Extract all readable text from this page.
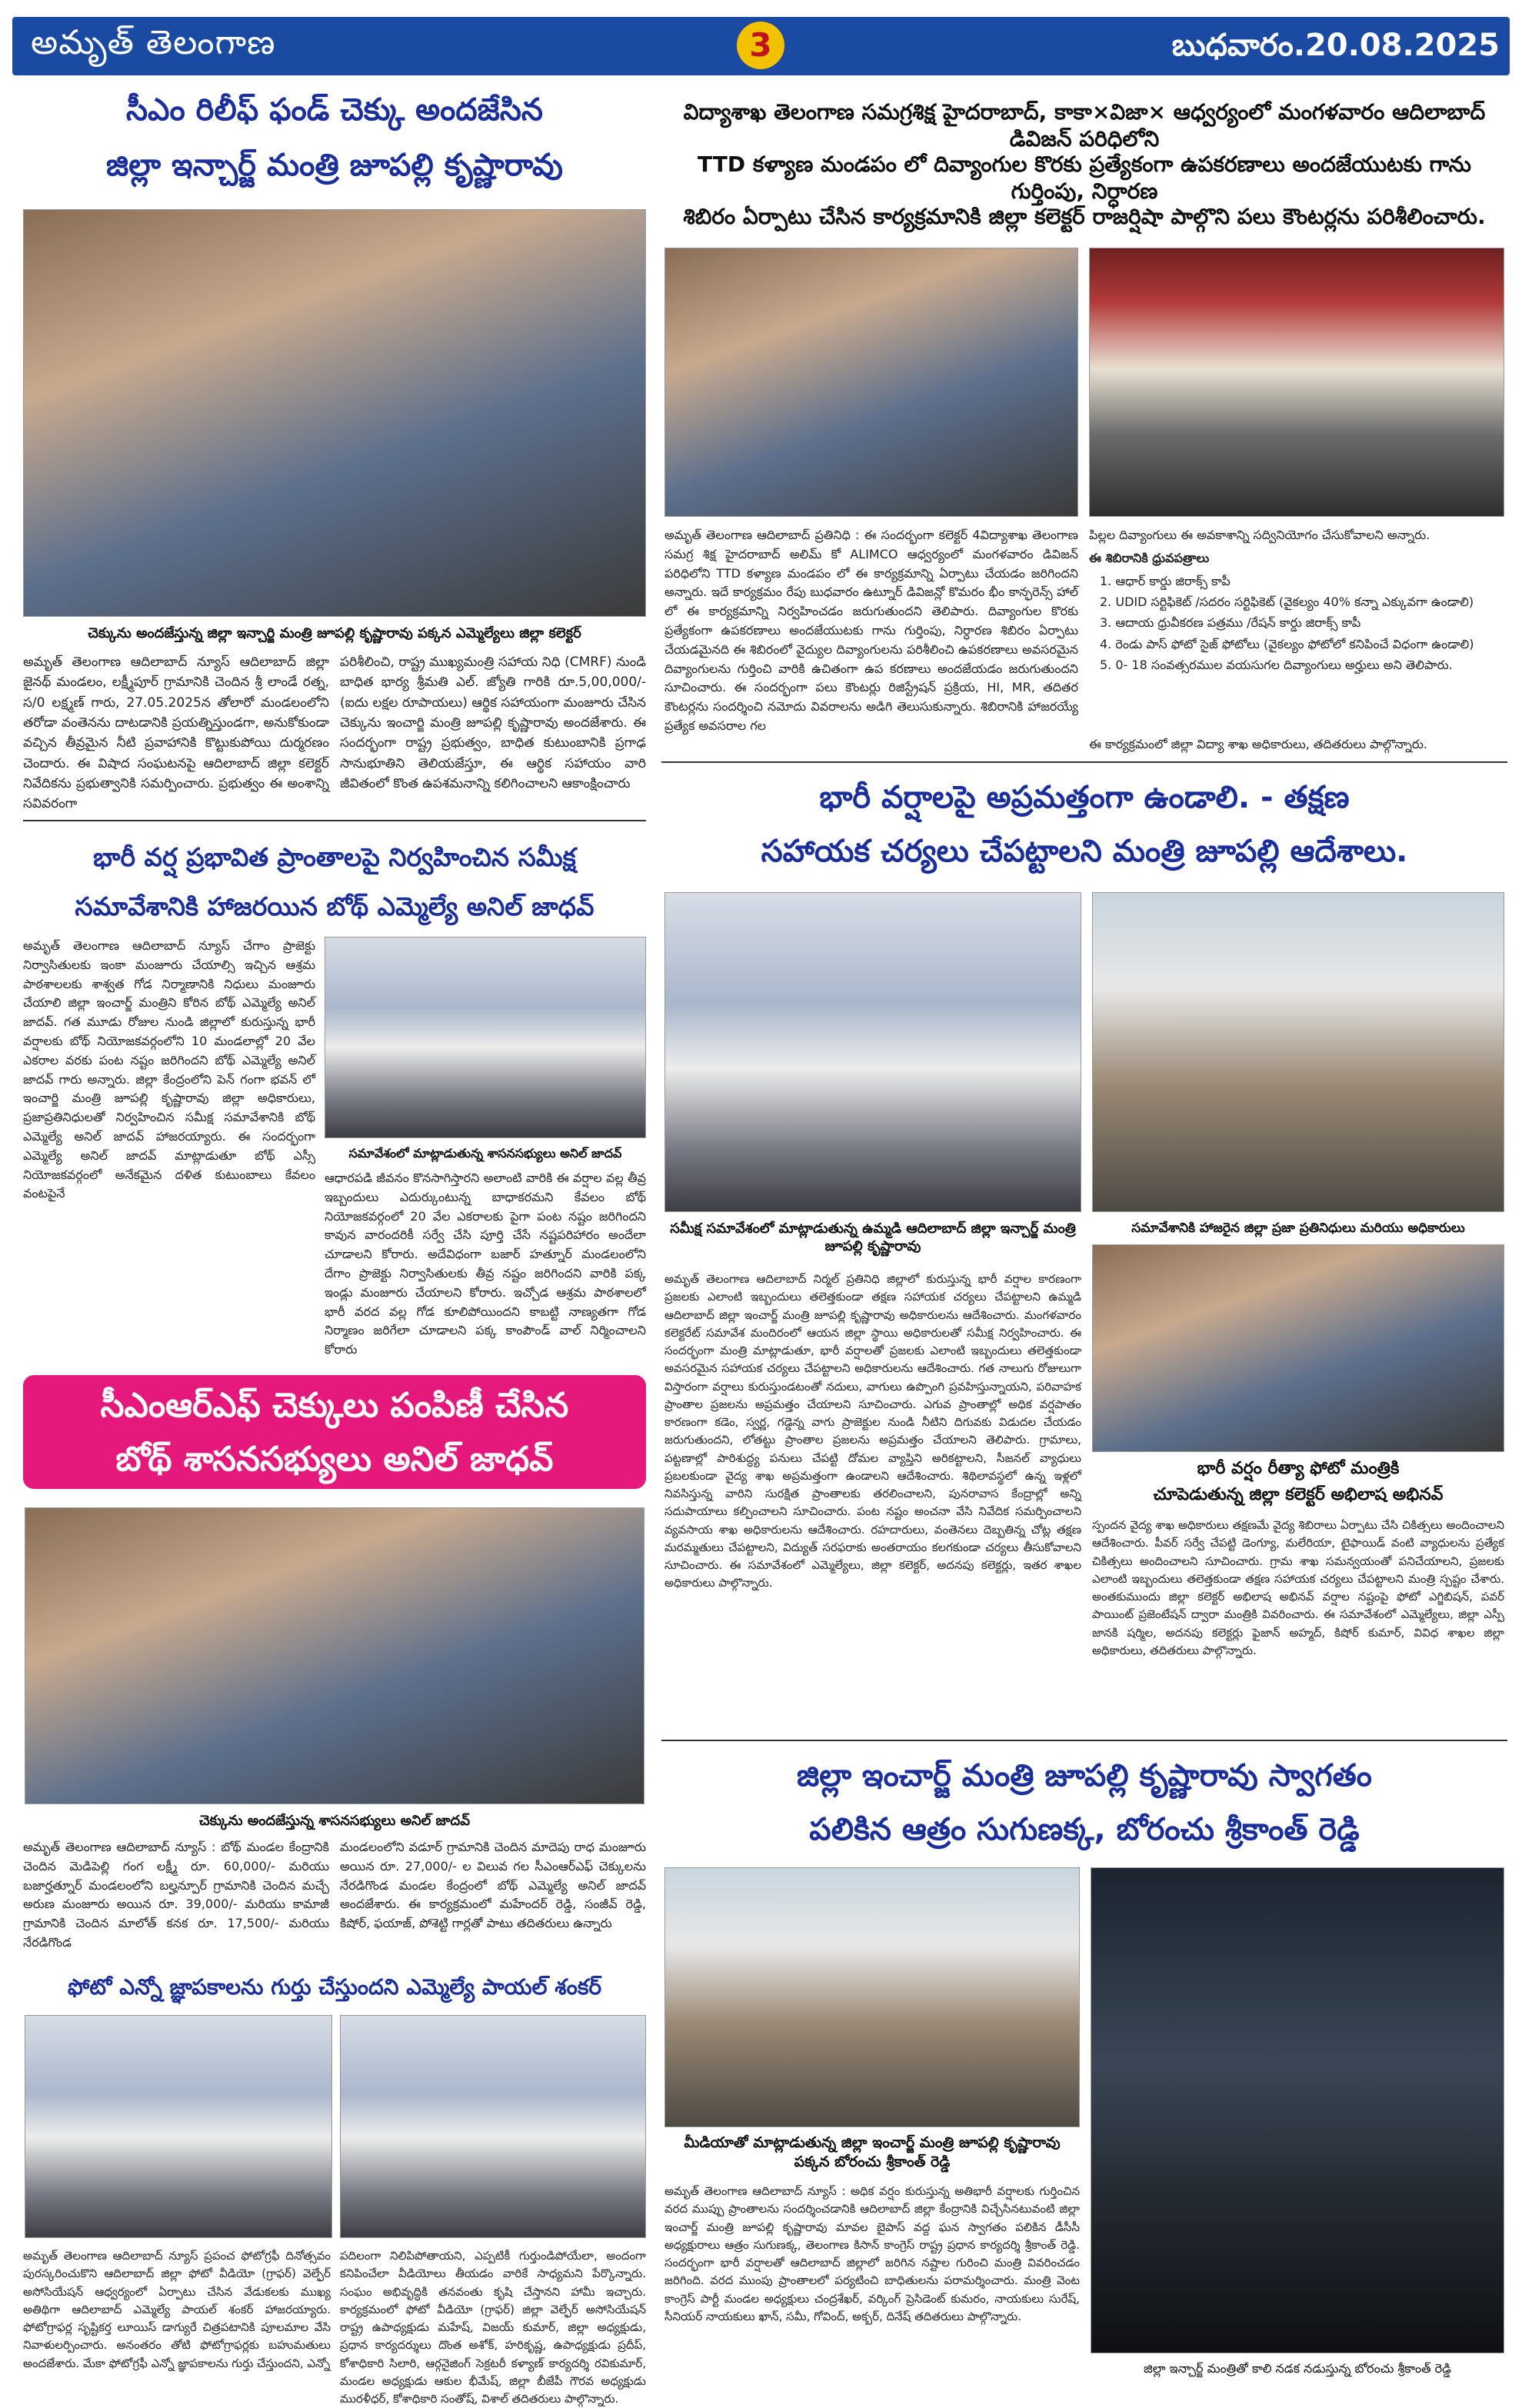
అమృత్ తెలంగాణ	3	బుధవారం.20.08.2025
సీఎం రిలీఫ్ ఫండ్ చెక్కు అందజేసిన
జిల్లా ఇన్చార్జ్ మంత్రి జూపల్లి కృష్ణారావు
చెక్కును అందజేస్తున్న జిల్లా ఇన్చార్జి మంత్రి జూపల్లి కృష్ణారావు పక్కన ఎమ్మెల్యేలు జిల్లా కలెక్టర్
అమృత్ తెలంగాణ ఆదిలాబాద్ న్యూస్ ఆదిలాబాద్ జిల్లా జైనథ్ మండలం, లక్ష్మీపూర్ గ్రామానికి చెందిన శ్రీ లాండే రత్న, స/0 లక్ష్మణ్ గారు, 27.05.2025న తోలారో మండలంలోని తరోడా వంతెనను దాటడానికి ప్రయత్నిస్తుండగా, అనుకోకుండా వచ్చిన తీవ్రమైన నీటి ప్రవాహానికి కొట్టుకుపోయి దుర్మరణం చెందారు. ఈ విషాద సంఘటనపై ఆదిలాబాద్ జిల్లా కలెక్టర్ నివేదికను ప్రభుత్వానికి సమర్పించారు. ప్రభుత్వం ఈ అంశాన్ని సవివరంగా
పరిశీలించి, రాష్ట్ర ముఖ్యమంత్రి సహాయ నిధి (CMRF) నుండి బాధిత భార్య శ్రీమతి ఎల్. జ్యోతి గారికి రూ.5,00,000/- (ఐదు లక్షల రూపాయలు) ఆర్థిక సహాయంగా మంజూరు చేసిన చెక్కును ఇంచార్జి మంత్రి జూపల్లి కృష్ణారావు అందజేశారు. ఈ సందర్భంగా రాష్ట్ర ప్రభుత్వం, బాధిత కుటుంబానికి ప్రగాఢ సానుభూతిని తెలియజేస్తూ, ఈ ఆర్థిక సహాయం వారి జీవితంలో కొంత ఉపశమనాన్ని కలిగించాలని ఆకాంక్షించారు
విద్యాశాఖ తెలంగాణ సమగ్రశిక్ష హైదరాబాద్, కాకా×విజా× ఆధ్వర్యంలో మంగళవారం ఆదిలాబాద్ డివిజన్ పరిధిలోని
TTD కళ్యాణ మండపం లో దివ్యాంగుల కొరకు ప్రత్యేకంగా ఉపకరణాలు అందజేయుటకు గాను గుర్తింపు, నిర్ధారణ
శిబిరం ఏర్పాటు చేసిన కార్యక్రమానికి జిల్లా కలెక్టర్ రాజర్షిషా పాల్గొని పలు కౌంటర్లను పరిశీలించారు.
అమృత్ తెలంగాణ ఆదిలాబాద్ ప్రతినిధి : ఈ సందర్భంగా కలెక్టర్ 4విద్యాశాఖ తెలంగాణ సమగ్ర శిక్ష హైదరాబాద్ అలిమ్ కో ALIMCO ఆధ్వర్యంలో మంగళవారం డివిజన్ పరిధిలోని TTD కళ్యాణ మండపం లో ఈ కార్యక్రమాన్ని ఏర్పాటు చేయడం జరిగిందని అన్నారు. ఇదే కార్యక్రమం రేపు బుధవారం ఉట్నూర్ డివిజన్లో కొమరం భీం కాన్ఫరెన్స్ హాల్ లో ఈ కార్యక్రమాన్ని నిర్వహించడం జరుగుతుందని తెలిపారు. దివ్యాంగుల కొరకు ప్రత్యేకంగా ఉపకరణాలు అందజేయుటకు గాను గుర్తింపు, నిర్ధారణ శిబిరం ఏర్పాటు చేయడమైనది ఈ శిబిరంలో వైద్యుల దివ్యాంగులను పరిశీలించి ఉపకరణాలు అవసరమైన దివ్యాంగులను గుర్తించి వారికి ఉచితంగా ఉప కరణాలు అందజేయడం జరుగుతుందని సూచించారు. ఈ సందర్భంగా పలు కౌంటర్లు రిజిస్ట్రేషన్ ప్రక్రియ, HI, MR, తదితర కౌంటర్లను సందర్శించి నమోదు వివరాలను అడిగి తెలుసుకున్నారు. శిబిరానికి హాజరయ్యే ప్రత్యేక అవసరాల గల
పిల్లల దివ్యాంగులు ఈ అవకాశాన్ని సద్వినియోగం చేసుకోవాలని అన్నారు.
ఈ శిబిరానికి ధ్రువపత్రాలు
1. ఆధార్ కార్డు జిరాక్స్ కాపీ
2. UDID సర్టిఫికెట్ /సదరం సర్టిఫికెట్ (వైకల్యం 40% కన్నా ఎక్కువగా ఉండాలి)
3. ఆదాయ ధ్రువీకరణ పత్రము /రేషన్ కార్డు జిరాక్స్ కాపీ
4. రెండు పాస్ ఫోటో సైజ్ ఫోటోలు (వైకల్యం ఫోటోలో కనిపించే విధంగా ఉండాలి)
5. 0- 18 సంవత్సరముల వయసుగల దివ్యాంగులు అర్హులు అని తెలిపారు.
ఈ కార్యక్రమంలో జిల్లా విద్యా శాఖ అధికారులు, తదితరులు పాల్గొన్నారు.
భారీ వర్ష ప్రభావిత ప్రాంతాలపై నిర్వహించిన సమీక్ష
సమావేశానికి హాజరయిన బోథ్ ఎమ్మెల్యే అనిల్ జాధవ్
అమృత్ తెలంగాణ ఆదిలాబాద్ న్యూస్ చేగాం ప్రాజెక్టు నిర్వాసితులకు ఇంకా మంజూరు చేయాల్సి ఇచ్చిన ఆశ్రమ పాఠశాలలకు శాశ్వత గోడ నిర్మాణానికి నిధులు మంజూరు చేయాలి జిల్లా ఇంచార్జ్ మంత్రిని కోరిన బోథ్ ఎమ్మెల్యే అనిల్ జాదవ్. గత మూడు రోజుల నుండి జిల్లాలో కురుస్తున్న భారీ వర్షాలకు బోథ్ నియోజకవర్గంలోని 10 మండలాల్లో 20 వేల ఎకరాల వరకు పంట నష్టం జరిగిందని బోథ్ ఎమ్మెల్యే అనిల్ జాదవ్ గారు అన్నారు. జిల్లా కేంద్రంలోని పెన్ గంగా భవన్ లో ఇంచార్జి మంత్రి జూపల్లి కృష్ణారావు జిల్లా అధికారులు, ప్రజాప్రతినిధులతో నిర్వహించిన సమీక్ష సమావేశానికి బోథ్ ఎమ్మెల్యే అనిల్ జాదవ్ హాజరయ్యారు. ఈ సందర్భంగా ఎమ్మెల్యే అనిల్ జాదవ్ మాట్లాడుతూ బోథ్ ఎస్సీ నియోజకవర్గంలో అనేకమైన దళిత కుటుంబాలు కేవలం వంటపైనే
సమావేశంలో మాట్లాడుతున్న శాసనసభ్యులు అనిల్ జాదవ్
ఆధారపడి జీవనం కొనసాగిస్తారని అలాంటి వారికి ఈ వర్షాల వల్ల తీవ్ర ఇబ్బందులు ఎదుర్కుంటున్న బాధాకరమని కేవలం బోథ్ నియోజకవర్గంలో 20 వేల ఎకరాలకు పైగా పంట నష్టం జరిగిందని కావున వారందరికీ సర్వే చేసి పూర్తి చేసే నష్టపరిహారం అందేలా చూడాలని కోరారు. అదేవిధంగా బజార్ హత్నూర్ మండలంలోని దేగాం ప్రాజెక్టు నిర్వాసితులకు తీవ్ర నష్టం జరిగిందని వారికి పక్క ఇండ్లు మంజూరు చేయాలని కోరారు. ఇచ్చోడ ఆశ్రమ పాఠశాలలో భారీ వరద వల్ల గోడ కూలిపోయిందని కాబట్టి నాణ్యతగా గోడ నిర్మాణం జరిగేలా చూడాలని పక్క కాంపౌండ్ వాల్ నిర్మించాలని కోరారు
భారీ వర్షాలపై అప్రమత్తంగా ఉండాలి. - తక్షణ
సహాయక చర్యలు చేపట్టాలని మంత్రి జూపల్లి ఆదేశాలు.
సమీక్ష సమావేశంలో మాట్లాడుతున్న ఉమ్మడి ఆదిలాబాద్ జిల్లా ఇన్చార్జ్ మంత్రి జూపల్లి కృష్ణారావు
సమావేశానికి హాజరైన జిల్లా ప్రజా ప్రతినిధులు మరియు అధికారులు
అమృత్ తెలంగాణ ఆదిలాబాద్ నిర్మల్ ప్రతినిధి జిల్లాలో కురుస్తున్న భారీ వర్షాల కారణంగా ప్రజలకు ఎలాంటి ఇబ్బందులు తలెత్తకుండా తక్షణ సహాయక చర్యలు చేపట్టాలని ఉమ్మడి ఆదిలాబాద్ జిల్లా ఇంచార్జ్ మంత్రి జూపల్లి కృష్ణారావు అధికారులను ఆదేశించారు. మంగళవారం కలెక్టరేట్ సమావేశ మందిరంలో ఆయన జిల్లా స్థాయి అధికారులతో సమీక్ష నిర్వహించారు. ఈ సందర్భంగా మంత్రి మాట్లాడుతూ, భారీ వర్షాలతో ప్రజలకు ఎలాంటి ఇబ్బందులు తలెత్తకుండా అవసరమైన సహాయక చర్యలు చేపట్టాలని అధికారులను ఆదేశించారు. గత నాలుగు రోజులుగా విస్తారంగా వర్షాలు కురుస్తుండటంతో నదులు, వాగులు ఉప్పొంగి ప్రవహిస్తున్నాయని, పరివాహక ప్రాంతాల ప్రజలను అప్రమత్తం చేయాలని సూచించారు. ఎగువ ప్రాంతాల్లో అధిక వర్షపాతం కారణంగా కడెం, స్వర్ణ, గడ్డెన్న వాగు ప్రాజెక్టుల నుండి నీటిని దిగువకు విడుదల చేయడం జరుగుతుందని, లోతట్టు ప్రాంతాల ప్రజలను అప్రమత్తం చేయాలని తెలిపారు. గ్రామాలు, పట్టణాల్లో పారిశుద్ధ్య పనులు చేపట్టి దోమల వ్యాప్తిని అరికట్టాలని, సీజనల్ వ్యాధులు ప్రబలకుండా వైద్య శాఖ అప్రమత్తంగా ఉండాలని ఆదేశించారు. శిథిలావస్థలో ఉన్న ఇళ్లలో నివసిస్తున్న వారిని సురక్షిత ప్రాంతాలకు తరలించాలని, పునరావాస కేంద్రాల్లో అన్ని సదుపాయాలు కల్పించాలని సూచించారు. పంట నష్టం అంచనా వేసి నివేదిక సమర్పించాలని వ్యవసాయ శాఖ అధికారులను ఆదేశించారు. రహదారులు, వంతెనలు దెబ్బతిన్న చోట్ల తక్షణ మరమ్మతులు చేపట్టాలని, విద్యుత్ సరఫరాకు అంతరాయం కలగకుండా చర్యలు తీసుకోవాలని సూచించారు. ఈ సమావేశంలో ఎమ్మెల్యేలు, జిల్లా కలెక్టర్, అదనపు కలెక్టర్లు, ఇతర శాఖల అధికారులు పాల్గొన్నారు.
భారీ వర్షం రీత్యా ఫోటో మంత్రికి
చూపెడుతున్న జిల్లా కలెక్టర్ అభిలాష అభినవ్
స్పందన వైద్య శాఖ అధికారులు తక్షణమే వైద్య శిబిరాలు ఏర్పాటు చేసి చికిత్సలు అందించాలని ఆదేశించారు. పీవర్ సర్వే చేపట్టి డెంగ్యూ, మలేరియా, టైఫాయిడ్ వంటి వ్యాధులను ప్రత్యేక చికిత్సలు అందించాలని సూచించారు. గ్రామ శాఖ సమన్వయంతో పనిచేయాలని, ప్రజలకు ఎలాంటి ఇబ్బందులు తలెత్తకుండా తక్షణ సహాయక చర్యలు చేపట్టాలని మంత్రి స్పష్టం చేశారు. అంతకుముందు జిల్లా కలెక్టర్ అభిలాష అభినవ్ వర్షాల నష్టంపై ఫోటో ఎగ్జిబిషన్, పవర్ పాయింట్ ప్రజెంటేషన్ ద్వారా మంత్రికి వివరించారు. ఈ సమావేశంలో ఎమ్మెల్యేలు, జిల్లా ఎస్పీ జానకి షర్మిల, అదనపు కలెక్టర్లు ఫైజాన్ అహ్మద్, కిషోర్ కుమార్, వివిధ శాఖల జిల్లా అధికారులు, తదితరులు పాల్గొన్నారు.
సీఎంఆర్ఎఫ్ చెక్కులు పంపిణీ చేసిన
బోథ్ శాసనసభ్యులు అనిల్ జాధవ్
చెక్కును అందజేస్తున్న శాసనసభ్యులు అనిల్ జాదవ్
అమృత్ తెలంగాణ ఆదిలాబాద్ న్యూస్ : బోథ్ మండల కేంద్రానికి చెందిన మెడిపెల్లి గంగ లక్ష్మీ రూ. 60,000/- మరియు బజార్హత్నూర్ మండలంలోని బల్హన్పూర్ గ్రామానికి చెందిన మచ్చే అరుణ మంజూరు అయిన రూ. 39,000/- మరియు కామాజీ గ్రామానికి చెందిన మాలోత్ కనక రూ. 17,500/- మరియు నేరడిగొండ
మండలంలోని వడూర్ గ్రామానికి చెందిన మాదెపు రాధ మంజూరు అయిన రూ. 27,000/- ల విలువ గల సీఎంఆర్ఎఫ్ చెక్కులను నేరడిగొండ మండల కేంద్రంలో బోథ్ ఎమ్మెల్యే అనిల్ జాదవ్ అందజేశారు. ఈ కార్యక్రమంలో మహేందర్ రెడ్డి, సంజీవ్ రెడ్డి, కిషోర్, ఫయాజ్, పోశెట్టి గార్లతో పాటు తదితరులు ఉన్నారు
ఫోటో ఎన్నో జ్ఞాపకాలను గుర్తు చేస్తుందని ఎమ్మెల్యే పాయల్ శంకర్
అమృత్ తెలంగాణ ఆదిలాబాద్ న్యూస్ ప్రపంచ ఫోటోగ్రఫీ దినోత్సవం పురస్కరించుకొని ఆదిలాబాద్ జిల్లా ఫోటో వీడియో (గ్రాఫర్) వెల్ఫేర్ అసోసియేషన్ ఆధ్వర్యంలో ఏర్పాటు చేసిన వేడుకలకు ముఖ్య అతిథిగా ఆదిలాబాద్ ఎమ్మెల్యే పాయల్ శంకర్ హాజరయ్యారు. ఫోటోగ్రాఫర్ల సృష్టికర్త లూయిస్ డాగ్యురే చిత్రపటానికి పూలమాల వేసి నివాళులర్పించారు. అనంతరం తోటి ఫోటోగ్రాఫర్లకు బహుమతులు అందజేశారు. మేకా ఫోటోగ్రఫీ ఎన్నో జ్ఞాపకాలను గుర్తు చేస్తుందని, ఎన్నో
పదిలంగా నిలిపిపోతాయని, ఎప్పటికీ గుర్తుండిపోయేలా, అందంగా కనిపించేలా వీడియోలు తీయడం వారికే సాధ్యమని పేర్కొన్నారు. సంఘం అభివృద్ధికి తనవంతు కృషి చేస్తానని హామీ ఇచ్చారు. కార్యక్రమంలో ఫోటో వీడియో (గ్రాఫర్) జిల్లా వెల్ఫేర్ అసోసియేషన్ రాష్ట్ర ఉపాధ్యక్షుడు మహేష్, విజయ్ కుమార్, జిల్లా అధ్యక్షుడు, ప్రధాన కార్యదర్శులు దొంత అశోక్, హరికృష్ణ, ఉపాధ్యక్షుడు ప్రదీప్, కోశాధికారి సిలారి, ఆర్గనైజింగ్ సెక్రటరీ కళ్యాణ్ కార్యదర్శి రవికుమార్, మండల అధ్యక్షుడు ఆకుల భీమేష్, జిల్లా బీజేపీ గౌరవ అధ్యక్షుడు మురళీధర్, కోశాధికారి సంతోష్, విశాల్ తదితరులు పాల్గొన్నారు.
జిల్లా ఇంచార్జ్ మంత్రి జూపల్లి కృష్ణారావు స్వాగతం
పలికిన ఆత్రం సుగుణక్క, బోరంచు శ్రీకాంత్ రెడ్డి
మీడియాతో మాట్లాడుతున్న జిల్లా ఇంచార్జ్ మంత్రి జూపల్లి కృష్ణారావు పక్కన బోరంచు శ్రీకాంత్ రెడ్డి
అమృత్ తెలంగాణ ఆదిలాబాద్ న్యూస్ : అధిక వర్షం కురుస్తున్న అతిభారీ వర్షాలకు గుర్తించిన వరద ముప్పు ప్రాంతాలను సందర్శించడానికి ఆదిలాబాద్ జిల్లా కేంద్రానికి విచ్చేసినటువంటి జిల్లా ఇంచార్జ్ మంత్రి జూపల్లి కృష్ణారావు మావల బైపాస్ వద్ద ఘన స్వాగతం పలికిన డీసీసీ అధ్యక్షురాలు ఆత్రం సుగుణక్క, తెలంగాణ కిసాన్ కాంగ్రెస్ రాష్ట్ర ప్రధాన కార్యదర్శి శ్రీకాంత్ రెడ్డి. సందర్భంగా భారీ వర్షాలతో ఆదిలాబాద్ జిల్లాలో జరిగిన నష్టాల గురించి మంత్రి వివరించడం జరిగింది. వరద ముంపు ప్రాంతాలలో పర్యటించి బాధితులను పరామర్శించారు. మంత్రి వెంట కాంగ్రెస్ పార్టీ మండల అధ్యక్షులు చంద్రశేఖర్, వర్కింగ్ ప్రెసిడెంట్ కుమరం, నాయకులు సురేష్, సీనియర్ నాయకులు ఖాన్, సమీ, గోవింద్, అక్బర్, దినేష్ తదితరులు పాల్గొన్నారు.
జిల్లా ఇన్చార్జ్ మంత్రితో కాలి నడక నడుస్తున్న బోరంచు శ్రీకాంత్ రెడ్డి
